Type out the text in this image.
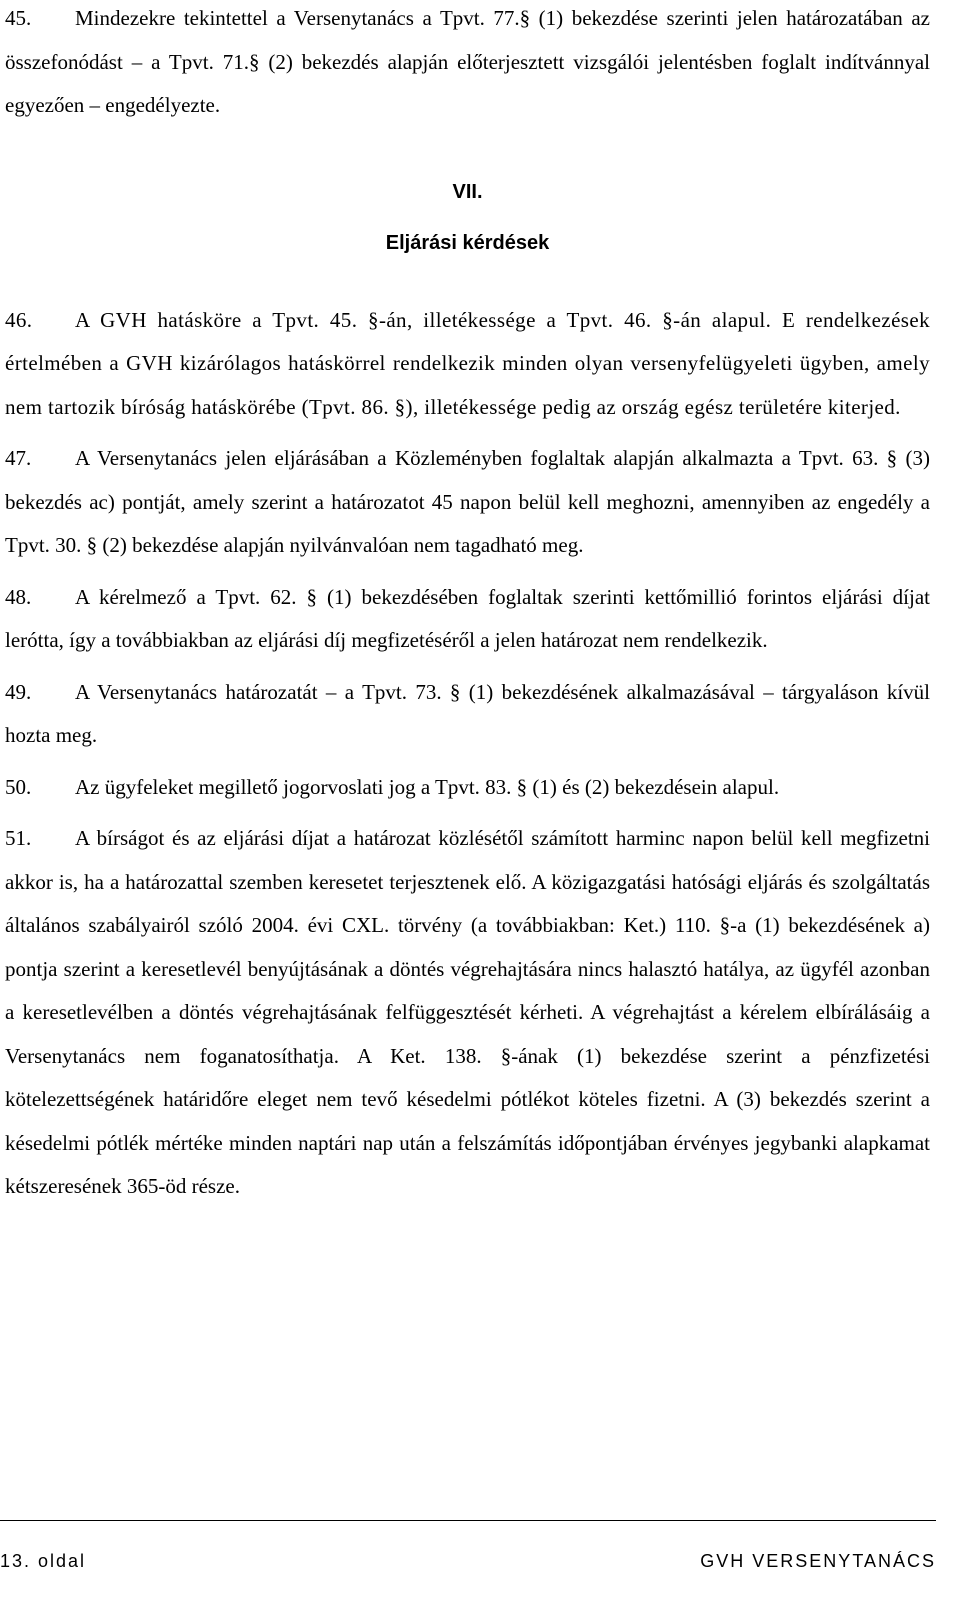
45. Mindezekre tekintettel a Versenytanács a Tpvt. 77.§ (1) bekezdése szerinti jelen határozatában az összefonódást – a Tpvt. 71.§ (2) bekezdés alapján előterjesztett vizsgálói jelentésben foglalt indítvánnyal egyezően – engedélyezte.

VII.

Eljárási kérdések

46. A GVH hatásköre a Tpvt. 45. §-án, illetékessége a Tpvt. 46. §-án alapul. E rendelkezések értelmében a GVH kizárólagos hatáskörrel rendelkezik minden olyan versenyfelügyeleti ügyben, amely nem tartozik bíróság hatáskörébe (Tpvt. 86. §), illetékessége pedig az ország egész területére kiterjed.

47. A Versenytanács jelen eljárásában a Közleményben foglaltak alapján alkalmazta a Tpvt. 63. § (3) bekezdés ac) pontját, amely szerint a határozatot 45 napon belül kell meghozni, amennyiben az engedély a Tpvt. 30. § (2) bekezdése alapján nyilvánvalóan nem tagadható meg.

48. A kérelmező a Tpvt. 62. § (1) bekezdésében foglaltak szerinti kettőmillió forintos eljárási díjat lerótta, így a továbbiakban az eljárási díj megfizetéséről a jelen határozat nem rendelkezik.

49. A Versenytanács határozatát – a Tpvt. 73. § (1) bekezdésének alkalmazásával – tárgyaláson kívül hozta meg.

50. Az ügyfeleket megillető jogorvoslati jog a Tpvt. 83. § (1) és (2) bekezdésein alapul.

51. A bírságot és az eljárási díjat a határozat közlésétől számított harminc napon belül kell megfizetni akkor is, ha a határozattal szemben keresetet terjesztenek elő. A közigazgatási hatósági eljárás és szolgáltatás általános szabályairól szóló 2004. évi CXL. törvény (a továbbiakban: Ket.) 110. §-a (1) bekezdésének a) pontja szerint a keresetlevél benyújtásának a döntés végrehajtására nincs halasztó hatálya, az ügyfél azonban a keresetlevélben a döntés végrehajtásának felfüggesztését kérheti. A végrehajtást a kérelem elbírálásáig a Versenytanács nem foganatosíthatja. A Ket. 138. §-ának (1) bekezdése szerint a pénzfizetési kötelezettségének határidőre eleget nem tevő késedelmi pótlékot köteles fizetni. A (3) bekezdés szerint a késedelmi pótlék mértéke minden naptári nap után a felszámítás időpontjában érvényes jegybanki alapkamat kétszeresének 365-öd része.

13. oldal	GVH VERSENYTANÁCS
